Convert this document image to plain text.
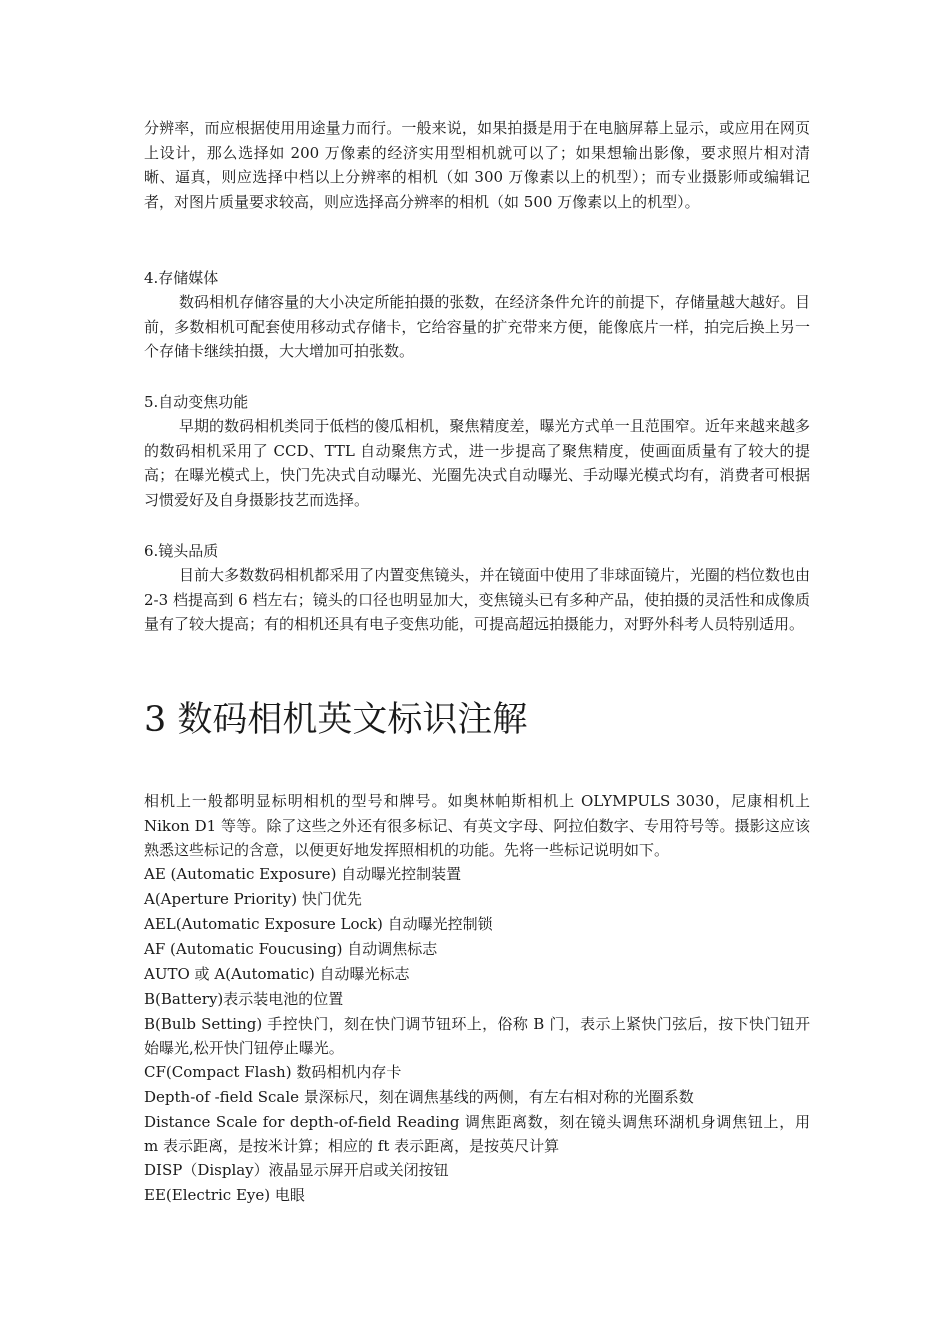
分辨率，而应根据使用用途量力而行。一般来说，如果拍摄是用于在电脑屏幕上显示，或应用在网页上设计，那么选择如 200 万像素的经济实用型相机就可以了；如果想输出影像，要求照片相对清晰、逼真，则应选择中档以上分辨率的相机（如 300 万像素以上的机型）；而专业摄影师或编辑记者，对图片质量要求较高，则应选择高分辨率的相机（如 500 万像素以上的机型）。

4.存储媒体

数码相机存储容量的大小决定所能拍摄的张数，在经济条件允许的前提下，存储量越大越好。目前，多数相机可配套使用移动式存储卡，它给容量的扩充带来方便，能像底片一样，拍完后换上另一个存储卡继续拍摄，大大增加可拍张数。

5.自动变焦功能

早期的数码相机类同于低档的傻瓜相机，聚焦精度差，曝光方式单一且范围窄。近年来越来越多的数码相机采用了 CCD、TTL 自动聚焦方式，进一步提高了聚焦精度，使画面质量有了较大的提高；在曝光模式上，快门先决式自动曝光、光圈先决式自动曝光、手动曝光模式均有，消费者可根据习惯爱好及自身摄影技艺而选择。

6.镜头品质

目前大多数数码相机都采用了内置变焦镜头，并在镜面中使用了非球面镜片，光圈的档位数也由 2-3 档提高到 6 档左右；镜头的口径也明显加大，变焦镜头已有多种产品，使拍摄的灵活性和成像质量有了较大提高；有的相机还具有电子变焦功能，可提高超远拍摄能力，对野外科考人员特别适用。

3 数码相机英文标识注解

相机上一般都明显标明相机的型号和牌号。如奥林帕斯相机上 OLYMPULS 3030，尼康相机上 Nikon D1 等等。除了这些之外还有很多标记、有英文字母、阿拉伯数字、专用符号等。摄影这应该熟悉这些标记的含意，以便更好地发挥照相机的功能。先将一些标记说明如下。

AE (Automatic Exposure) 自动曝光控制装置

A(Aperture Priority) 快门优先

AEL(Automatic Exposure Lock) 自动曝光控制锁

AF (Automatic Foucusing) 自动调焦标志

AUTO 或 A(Automatic) 自动曝光标志

B(Battery)表示装电池的位置

B(Bulb Setting) 手控快门，刻在快门调节钮环上，俗称 B 门，表示上紧快门弦后，按下快门钮开始曝光,松开快门钮停止曝光。

CF(Compact Flash) 数码相机内存卡

Depth-of -field Scale 景深标尺，刻在调焦基线的两侧，有左右相对称的光圈系数

Distance Scale for depth-of-field Reading 调焦距离数，刻在镜头调焦环湖机身调焦钮上，用 m 表示距离，是按米计算；相应的 ft 表示距离，是按英尺计算

DISP（Display）液晶显示屏开启或关闭按钮

EE(Electric Eye) 电眼
